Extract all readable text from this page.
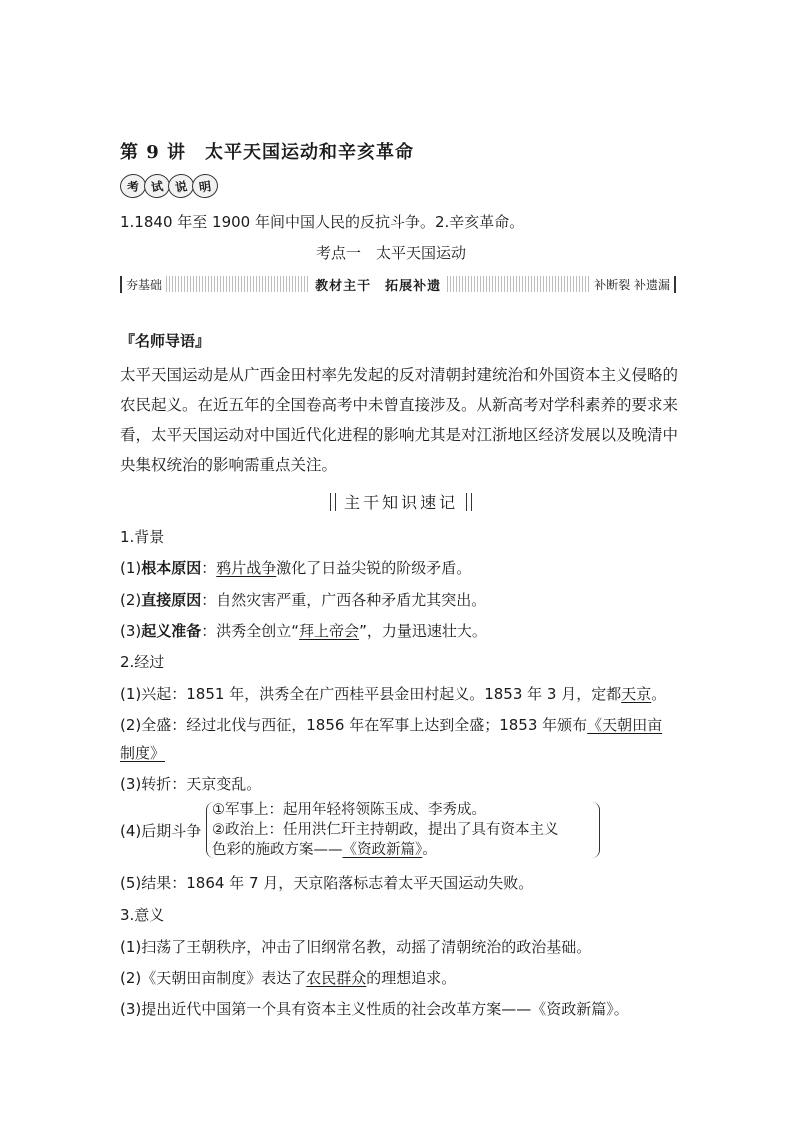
第 9 讲　太平天国运动和辛亥革命
考 试 说 明
1.1840 年至 1900 年间中国人民的反抗斗争。2.辛亥革命。
考点一　太平天国运动
夯基础	教材主干　拓展补遗	补断裂 补遗漏
『名师导语』
太平天国运动是从广西金田村率先发起的反对清朝封建统治和外国资本主义侵略的农民起义。在近五年的全国卷高考中未曾直接涉及。从新高考对学科素养的要求来看，太平天国运动对中国近代化进程的影响尤其是对江浙地区经济发展以及晚清中央集权统治的影响需重点关注。
主干知识速记
1.背景
(1)根本原因：鸦片战争激化了日益尖锐的阶级矛盾。
(2)直接原因：自然灾害严重，广西各种矛盾尤其突出。
(3)起义准备：洪秀全创立“拜上帝会”，力量迅速壮大。
2.经过
(1)兴起：1851 年，洪秀全在广西桂平县金田村起义。1853 年 3 月，定都天京。
(2)全盛：经过北伐与西征，1856 年在军事上达到全盛；1853 年颁布《天朝田亩
制度》
(3)转折：天京变乱。
(4)后期斗争
①军事上：起用年轻将领陈玉成、李秀成。
②政治上：任用洪仁玕主持朝政，提出了具有资本主义
色彩的施政方案——《资政新篇》。
(5)结果：1864 年 7 月，天京陷落标志着太平天国运动失败。
3.意义
(1)扫荡了王朝秩序，冲击了旧纲常名教，动摇了清朝统治的政治基础。
(2)《天朝田亩制度》表达了农民群众的理想追求。
(3)提出近代中国第一个具有资本主义性质的社会改革方案——《资政新篇》。
